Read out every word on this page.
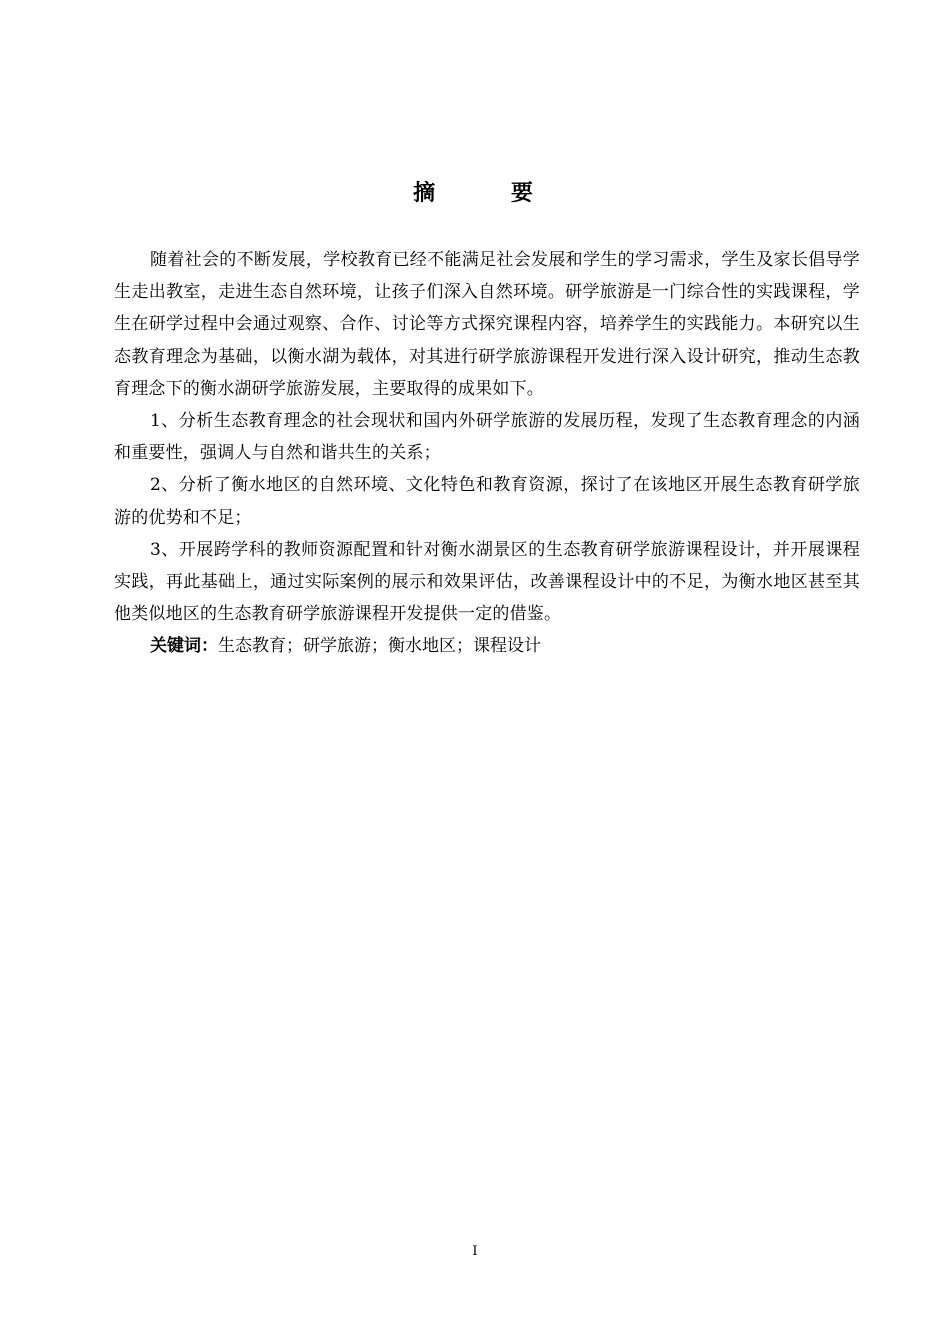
摘 要

随着社会的不断发展，学校教育已经不能满足社会发展和学生的学习需求，学生及家长倡导学生走出教室，走进生态自然环境，让孩子们深入自然环境。研学旅游是一门综合性的实践课程，学生在研学过程中会通过观察、合作、讨论等方式探究课程内容，培养学生的实践能力。本研究以生态教育理念为基础，以衡水湖为载体，对其进行研学旅游课程开发进行深入设计研究，推动生态教育理念下的衡水湖研学旅游发展，主要取得的成果如下。

1、分析生态教育理念的社会现状和国内外研学旅游的发展历程，发现了生态教育理念的内涵和重要性，强调人与自然和谐共生的关系；

2、分析了衡水地区的自然环境、文化特色和教育资源，探讨了在该地区开展生态教育研学旅游的优势和不足；

3、开展跨学科的教师资源配置和针对衡水湖景区的生态教育研学旅游课程设计，并开展课程实践，再此基础上，通过实际案例的展示和效果评估，改善课程设计中的不足，为衡水地区甚至其他类似地区的生态教育研学旅游课程开发提供一定的借鉴。

关键词：生态教育；研学旅游；衡水地区；课程设计

I
